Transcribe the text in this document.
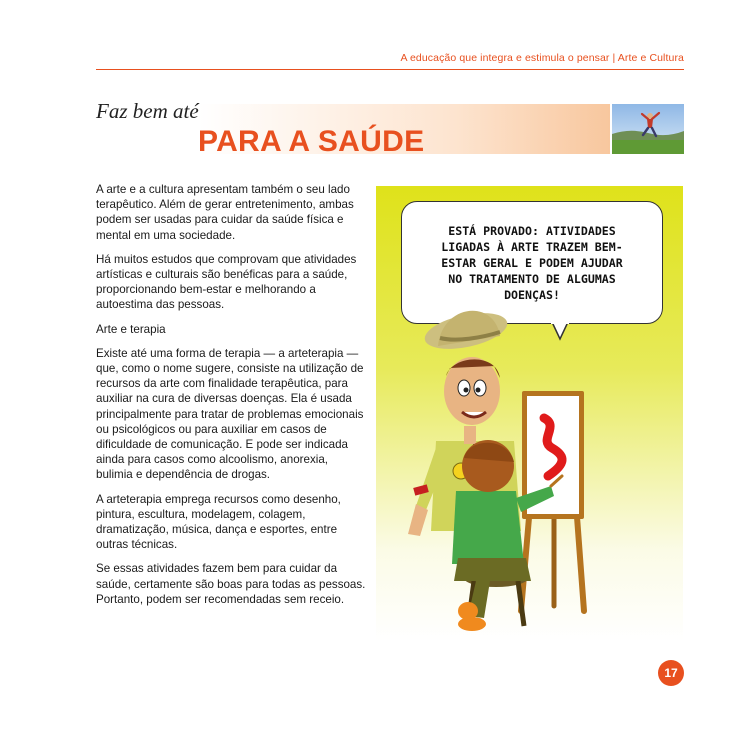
A educação que integra e estimula o pensar | Arte e Cultura
Faz bem até
PARA A SAÚDE

A arte e a cultura apresentam também o seu lado terapêutico. Além de gerar entretenimento, ambas podem ser usadas para cuidar da saúde física e mental em uma sociedade.

Há muitos estudos que comprovam que atividades artísticas e culturais são benéficas para a saúde, proporcionando bem-estar e melhorando a autoestima das pessoas.

Arte e terapia

Existe até uma forma de terapia — a arteterapia — que, como o nome sugere, consiste na utilização de recursos da arte com finalidade terapêutica, para auxiliar na cura de diversas doenças. Ela é usada principalmente para tratar de problemas emocionais ou psicológicos ou para auxiliar em casos de dificuldade de comunicação. E pode ser indicada ainda para casos como alcoolismo, anorexia, bulimia e dependência de drogas.

A arteterapia emprega recursos como desenho, pintura, escultura, modelagem, colagem, dramatização, música, dança e esportes, entre outras técnicas.

Se essas atividades fazem bem para cuidar da saúde, certamente são boas para todas as pessoas. Portanto, podem ser recomendadas sem receio.

ESTÁ PROVADO: ATIVIDADES LIGADAS À ARTE TRAZEM BEM-ESTAR GERAL E PODEM AJUDAR NO TRATAMENTO DE ALGUMAS DOENÇAS!
17
